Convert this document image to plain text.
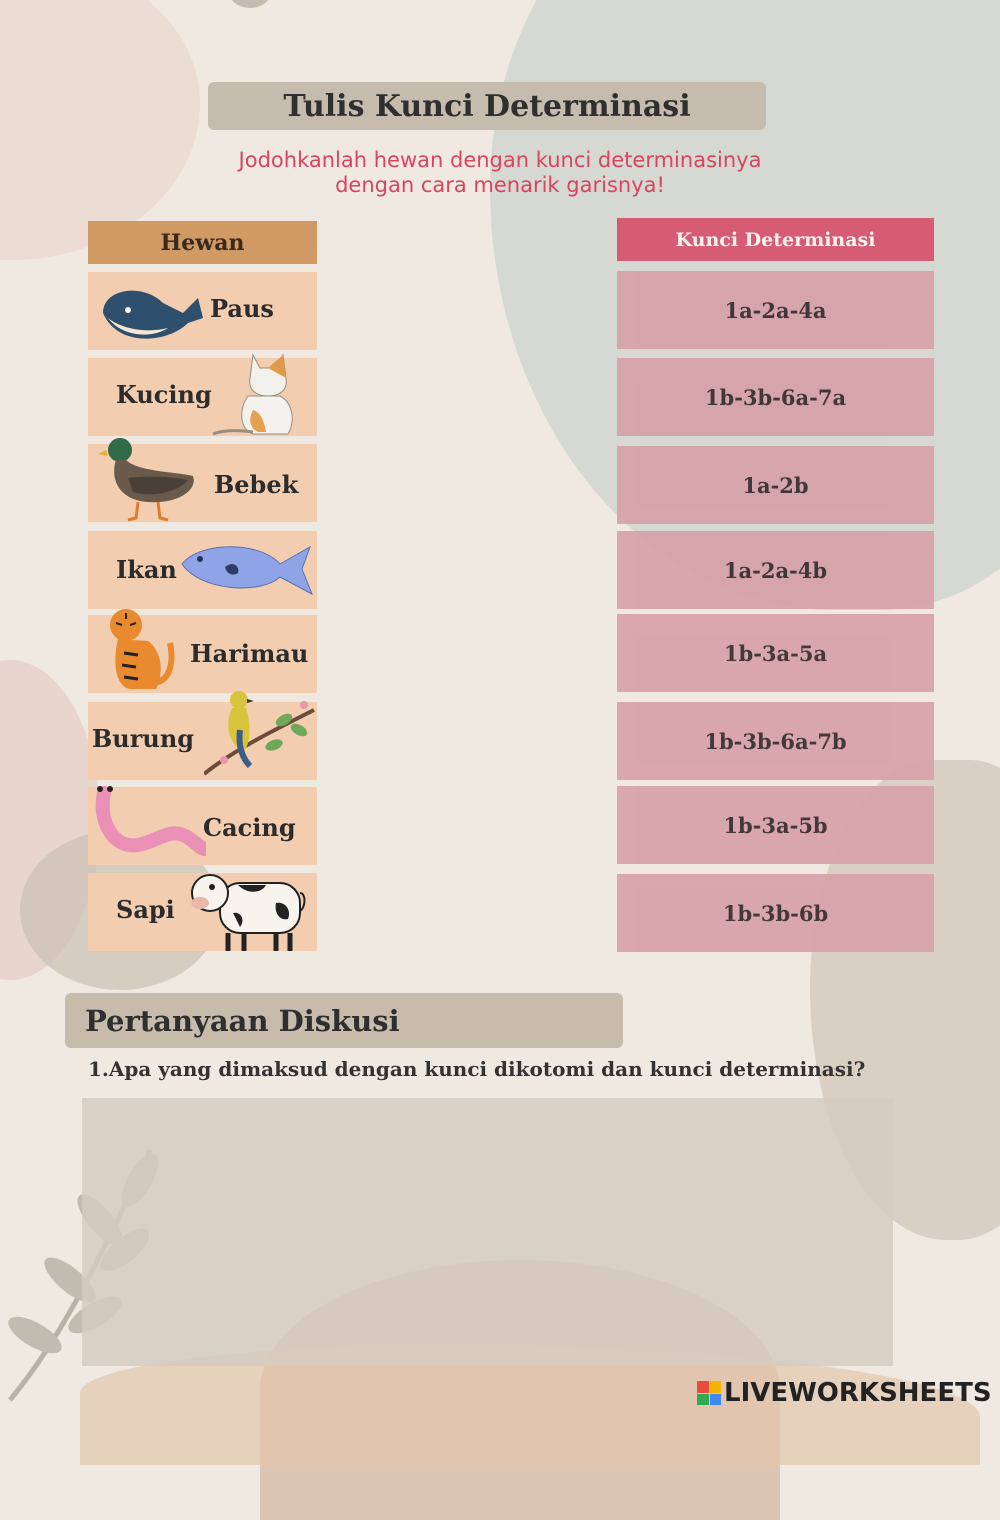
Tulis Kunci Determinasi
Jodohkanlah hewan dengan kunci determinasinya
dengan cara menarik garisnya!
Hewan	Kunci Determinasi
Paus
Kucing
Bebek
Ikan
Harimau
Burung
Cacing
Sapi
1a-2a-4a
1b-3b-6a-7a
1a-2b
1a-2a-4b
1b-3a-5a
1b-3b-6a-7b
1b-3a-5b
1b-3b-6b
Pertanyaan Diskusi
1.Apa yang dimaksud dengan kunci dikotomi dan kunci determinasi?
LIVEWORKSHEETS
